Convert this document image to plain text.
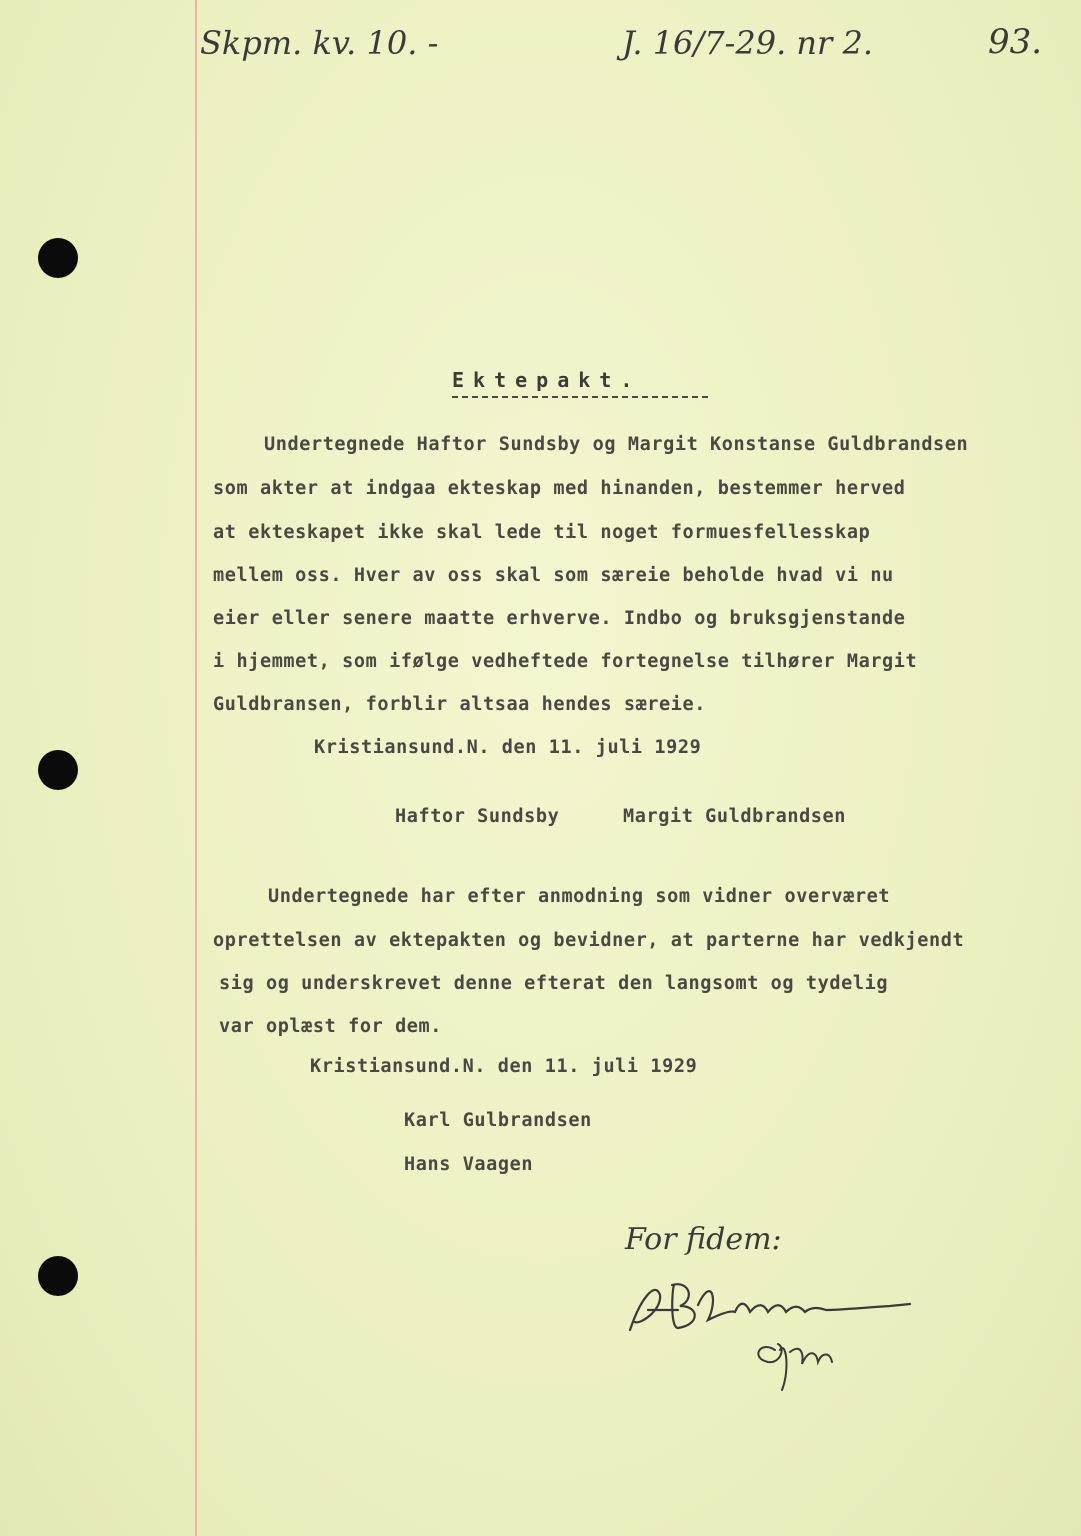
Skpm. kv. 10. -	J. 16/7-29. nr 2.	93.
Ektepakt.
Undertegnede Haftor Sundsby og Margit Konstanse Guldbrandsen
som akter at indgaa ekteskap med hinanden, bestemmer herved
at ekteskapet ikke skal lede til noget formuesfellesskap
mellem oss. Hver av oss skal som særeie beholde hvad vi nu
eier eller senere maatte erhverve. Indbo og bruksgjenstande
i hjemmet, som ifølge vedheftede fortegnelse tilhører Margit
Guldbransen, forblir altsaa hendes særeie.
Kristiansund.N. den 11. juli 1929
Haftor Sundsby	Margit Guldbrandsen
Undertegnede har efter anmodning som vidner overværet
oprettelsen av ektepakten og bevidner, at parterne har vedkjendt
sig og underskrevet denne efterat den langsomt og tydelig
var oplæst for dem.
Kristiansund.N. den 11. juli 1929
Karl Gulbrandsen
Hans Vaagen
For fidem:
A B Grimsmo
Skpm
